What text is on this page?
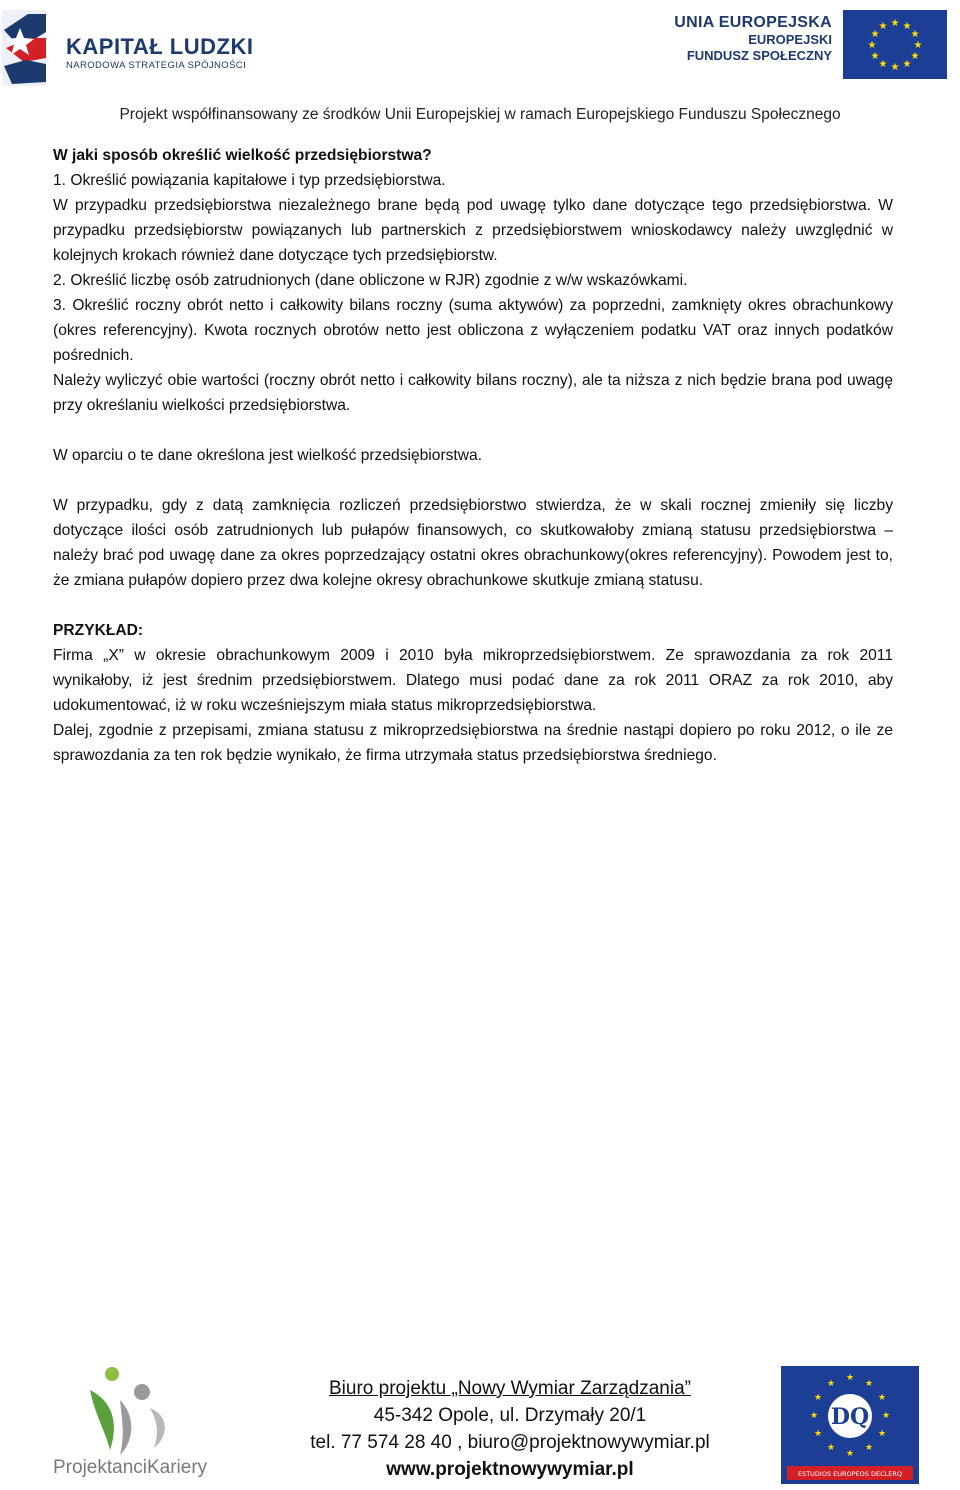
KAPITAŁ LUDZKI
NARODOWA STRATEGIA SPÓJNOŚCI
UNIA EUROPEJSKA
EUROPEJSKI
FUNDUSZ SPOŁECZNY
★ ★
★
★
★
★
★
★
★
★
★
★
Projekt współfinansowany ze środków Unii Europejskiej w ramach Europejskiego Funduszu Społecznego

W jaki sposób określić wielkość przedsiębiorstwa?

1. Określić powiązania kapitałowe i typ przedsiębiorstwa.

W przypadku przedsiębiorstwa niezależnego brane będą pod uwagę tylko dane dotyczące tego przedsiębiorstwa. W przypadku przedsiębiorstw powiązanych lub partnerskich z przedsiębiorstwem wnioskodawcy należy uwzględnić w kolejnych krokach również dane dotyczące tych przedsiębiorstw.

2. Określić liczbę osób zatrudnionych (dane obliczone w RJR) zgodnie z w/w wskazówkami.

3. Określić roczny obrót netto i całkowity bilans roczny (suma aktywów) za poprzedni, zamknięty okres obrachunkowy (okres referencyjny). Kwota rocznych obrotów netto jest obliczona z wyłączeniem podatku VAT oraz innych podatków pośrednich.

Należy wyliczyć obie wartości (roczny obrót netto i całkowity bilans roczny), ale ta niższa z nich będzie brana pod uwagę przy określaniu wielkości przedsiębiorstwa.

W oparciu o te dane określona jest wielkość przedsiębiorstwa.

W przypadku, gdy z datą zamknięcia rozliczeń przedsiębiorstwo stwierdza, że w skali rocznej zmieniły się liczby dotyczące ilości osób zatrudnionych lub pułapów finansowych, co skutkowałoby zmianą statusu przedsiębiorstwa – należy brać pod uwagę dane za okres poprzedzający ostatni okres obrachunkowy(okres referencyjny). Powodem jest to, że zmiana pułapów dopiero przez dwa kolejne okresy obrachunkowe skutkuje zmianą statusu.

PRZYKŁAD:

Firma „X” w okresie obrachunkowym 2009 i 2010 była mikroprzedsiębiorstwem. Ze sprawozdania za rok 2011 wynikałoby, iż jest średnim przedsiębiorstwem. Dlatego musi podać dane za rok 2011 ORAZ za rok 2010, aby udokumentować, iż w roku wcześniejszym miała status mikroprzedsiębiorstwa.

Dalej, zgodnie z przepisami, zmiana statusu z mikroprzedsiębiorstwa na średnie nastąpi dopiero po roku 2012, o ile ze sprawozdania za ten rok będzie wynikało, że firma utrzymała status przedsiębiorstwa średniego.

ProjektanciKariery
Biuro projektu „Nowy Wymiar Zarządzania”
45-342 Opole, ul. Drzymały 20/1
tel. 77 574 28 40 , biuro@projektnowywymiar.pl
www.projektnowywymiar.pl
★
★
★
★
★
★
★
★
★
★
★
★
DQ
ESTUDIOS EUROPEOS DECLERQ
